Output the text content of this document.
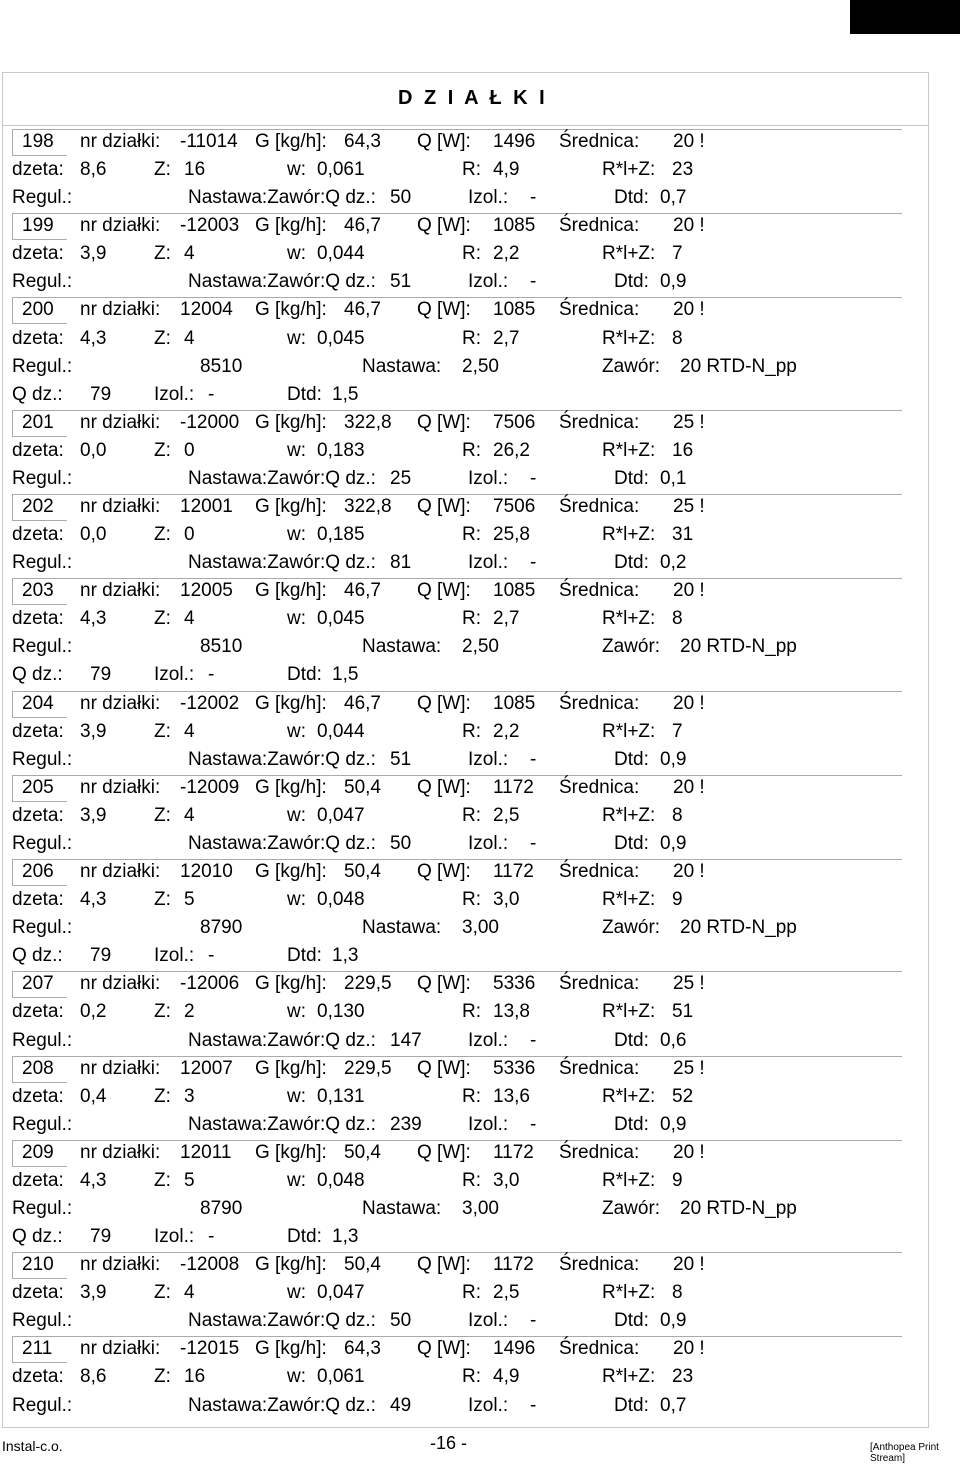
D Z I A Ł K I
198 nr działki: -11014 G [kg/h]: 64,3 Q [W]: 1496 Średnica: 20 !
dzeta: 8,6	Z: 16	w: 0,061	R: 4,9	R*l+Z: 23
Regul.:	Nastawa:Zawór:Q dz.: 50	Izol.: -	Dtd: 0,7
199 nr działki: -12003 G [kg/h]: 46,7 Q [W]: 1085 Średnica: 20 !
dzeta: 3,9	Z: 4	w: 0,044	R: 2,2	R*l+Z: 7
Regul.:	Nastawa:Zawór:Q dz.: 51	Izol.: -	Dtd: 0,9
200 nr działki: 12004 G [kg/h]: 46,7 Q [W]: 1085 Średnica: 20 !
dzeta: 4,3	Z: 4	w: 0,045	R: 2,7	R*l+Z: 8
Regul.:	8510	Nastawa: 2,50	Zawór: 20 RTD-N_pp
Q dz.: 79 Izol.: -	Dtd: 1,5
201 nr działki: -12000 G [kg/h]: 322,8 Q [W]: 7506 Średnica: 25 !
dzeta: 0,0	Z: 0	w: 0,183	R: 26,2	R*l+Z: 16
Regul.:	Nastawa:Zawór:Q dz.: 25	Izol.: -	Dtd: 0,1
202 nr działki: 12001 G [kg/h]: 322,8 Q [W]: 7506 Średnica: 25 !
dzeta: 0,0	Z: 0	w: 0,185	R: 25,8	R*l+Z: 31
Regul.:	Nastawa:Zawór:Q dz.: 81	Izol.: -	Dtd: 0,2
203 nr działki: 12005 G [kg/h]: 46,7 Q [W]: 1085 Średnica: 20 !
dzeta: 4,3	Z: 4	w: 0,045	R: 2,7	R*l+Z: 8
Regul.:	8510	Nastawa: 2,50	Zawór: 20 RTD-N_pp
Q dz.: 79 Izol.: -	Dtd: 1,5
204 nr działki: -12002 G [kg/h]: 46,7 Q [W]: 1085 Średnica: 20 !
dzeta: 3,9	Z: 4	w: 0,044	R: 2,2	R*l+Z: 7
Regul.:	Nastawa:Zawór:Q dz.: 51	Izol.: -	Dtd: 0,9
205 nr działki: -12009 G [kg/h]: 50,4 Q [W]: 1172 Średnica: 20 !
dzeta: 3,9	Z: 4	w: 0,047	R: 2,5	R*l+Z: 8
Regul.:	Nastawa:Zawór:Q dz.: 50	Izol.: -	Dtd: 0,9
206 nr działki: 12010 G [kg/h]: 50,4 Q [W]: 1172 Średnica: 20 !
dzeta: 4,3	Z: 5	w: 0,048	R: 3,0	R*l+Z: 9
Regul.:	8790	Nastawa: 3,00	Zawór: 20 RTD-N_pp
Q dz.: 79 Izol.: -	Dtd: 1,3
207 nr działki: -12006 G [kg/h]: 229,5 Q [W]: 5336 Średnica: 25 !
dzeta: 0,2	Z: 2	w: 0,130	R: 13,8	R*l+Z: 51
Regul.:	Nastawa:Zawór:Q dz.: 147 Izol.: -	Dtd: 0,6
208 nr działki: 12007 G [kg/h]: 229,5 Q [W]: 5336 Średnica: 25 !
dzeta: 0,4	Z: 3	w: 0,131	R: 13,6	R*l+Z: 52
Regul.:	Nastawa:Zawór:Q dz.: 239 Izol.: -	Dtd: 0,9
209 nr działki: 12011 G [kg/h]: 50,4 Q [W]: 1172 Średnica: 20 !
dzeta: 4,3	Z: 5	w: 0,048	R: 3,0	R*l+Z: 9
Regul.:	8790	Nastawa: 3,00	Zawór: 20 RTD-N_pp
Q dz.: 79 Izol.: -	Dtd: 1,3
210 nr działki: -12008 G [kg/h]: 50,4 Q [W]: 1172 Średnica: 20 !
dzeta: 3,9	Z: 4	w: 0,047	R: 2,5	R*l+Z: 8
Regul.:	Nastawa:Zawór:Q dz.: 50	Izol.: -	Dtd: 0,9
211 nr działki: -12015 G [kg/h]: 64,3 Q [W]: 1496 Średnica: 20 !
dzeta: 8,6	Z: 16	w: 0,061	R: 4,9	R*l+Z: 23
Regul.:	Nastawa:Zawór:Q dz.: 49	Izol.: -	Dtd: 0,7
Instal-c.o.	-16 -	[Anthopea Print Stream]
